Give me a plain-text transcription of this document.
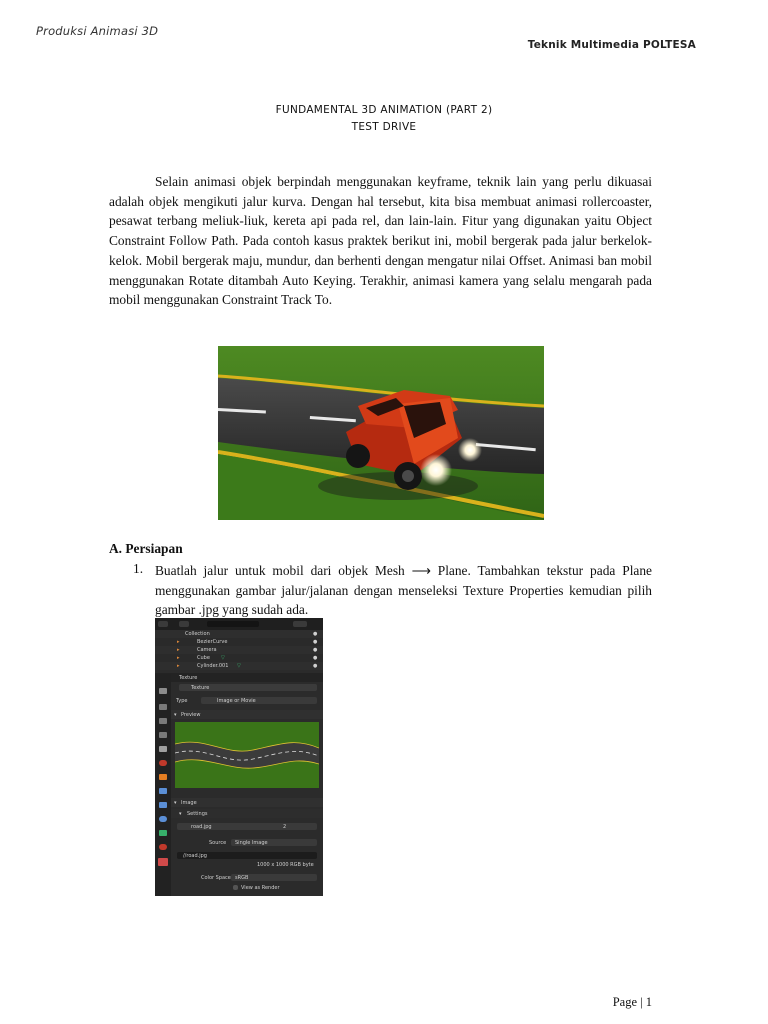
Produksi Animasi 3D
Teknik Multimedia POLTESA
FUNDAMENTAL 3D ANIMATION (PART 2)
TEST DRIVE

Selain animasi objek berpindah menggunakan keyframe, teknik lain yang perlu dikuasai adalah objek mengikuti jalur kurva. Dengan hal tersebut, kita bisa membuat animasi rollercoaster, pesawat terbang meliuk-liuk, kereta api pada rel, dan lain-lain. Fitur yang digunakan yaitu Object Constraint Follow Path. Pada contoh kasus praktek berikut ini, mobil bergerak pada jalur berkelok-kelok. Mobil bergerak maju, mundur, dan berhenti dengan mengatur nilai Offset. Animasi ban mobil menggunakan Rotate ditambah Auto Keying. Terakhir, animasi kamera yang selalu mengarah pada mobil menggunakan Constraint Track To.

A. Persiapan
1. Buatlah jalur untuk mobil dari objek Mesh ⟶ Plane. Tambahkan tekstur pada Plane menggunakan gambar jalur/jalanan dengan menseleksi Texture Properties kemudian pilih gambar .jpg yang sudah ada.

Collection	●
▸	BezierCurve	●
▸	Camera	●
▸	Cube ▽	●
▸	Cylinder.001 ▽	●
Texture
Texture
Type	Image or Movie
▾ Preview
▾ Image
▾ Settings
road.jpg	2
Source Single Image
//road.jpg
1000 x 1000 RGB byte
Color Space sRGB
View as Render
Page | 1
